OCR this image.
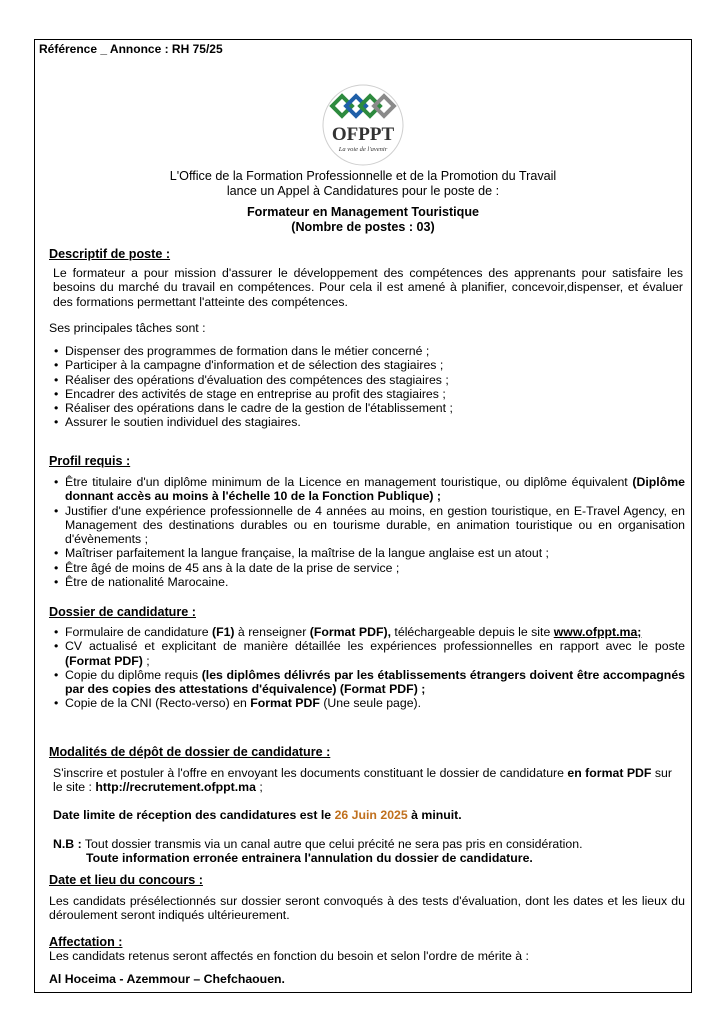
Référence _ Annonce : RH 75/25
OFPPT
La voie de l'avenir
L'Office de la Formation Professionnelle et de la Promotion du Travail
lance un Appel à Candidatures pour le poste de :
Formateur en Management Touristique
(Nombre de postes : 03)
Descriptif de poste :
Le formateur a pour mission d'assurer le développement des compétences des apprenants pour satisfaire les besoins du marché du travail en compétences. Pour cela il est amené à planifier, concevoir,dispenser, et évaluer des formations permettant l'atteinte des compétences.
Ses principales tâches sont :
• Dispenser des programmes de formation dans le métier concerné ;
• Participer à la campagne d'information et de sélection des stagiaires ;
• Réaliser des opérations d'évaluation des compétences des stagiaires ;
• Encadrer des activités de stage en entreprise au profit des stagiaires ;
• Réaliser des opérations dans le cadre de la gestion de l'établissement ;
• Assurer le soutien individuel des stagiaires.
Profil requis :
• Être titulaire d'un diplôme minimum de la Licence en management touristique, ou diplôme équivalent (Diplôme donnant accès au moins à l'échelle 10 de la Fonction Publique) ;
• Justifier d'une expérience professionnelle de 4 années au moins, en gestion touristique, en E-Travel Agency, en Management des destinations durables ou en tourisme durable, en animation touristique ou en organisation d'évènements ;
• Maîtriser parfaitement la langue française, la maîtrise de la langue anglaise est un atout ;
• Être âgé de moins de 45 ans à la date de la prise de service ;
• Être de nationalité Marocaine.
Dossier de candidature :
• Formulaire de candidature (F1) à renseigner (Format PDF), téléchargeable depuis le site www.ofppt.ma;
• CV actualisé et explicitant de manière détaillée les expériences professionnelles en rapport avec le poste (Format PDF) ;
• Copie du diplôme requis (les diplômes délivrés par les établissements étrangers doivent être accompagnés par des copies des attestations d'équivalence) (Format PDF) ;
• Copie de la CNI (Recto-verso) en Format PDF (Une seule page).
Modalités de dépôt de dossier de candidature :
S'inscrire et postuler à l'offre en envoyant les documents constituant le dossier de candidature en format PDF sur le site : http://recrutement.ofppt.ma ;
Date limite de réception des candidatures est le 26 Juin 2025 à minuit.
N.B : Tout dossier transmis via un canal autre que celui précité ne sera pas pris en considération.
Toute information erronée entrainera l'annulation du dossier de candidature.
Date et lieu du concours :
Les candidats présélectionnés sur dossier seront convoqués à des tests d'évaluation, dont les dates et les lieux du déroulement seront indiqués ultérieurement.
Affectation :
Les candidats retenus seront affectés en fonction du besoin et selon l'ordre de mérite à :
Al Hoceima - Azemmour – Chefchaouen.
